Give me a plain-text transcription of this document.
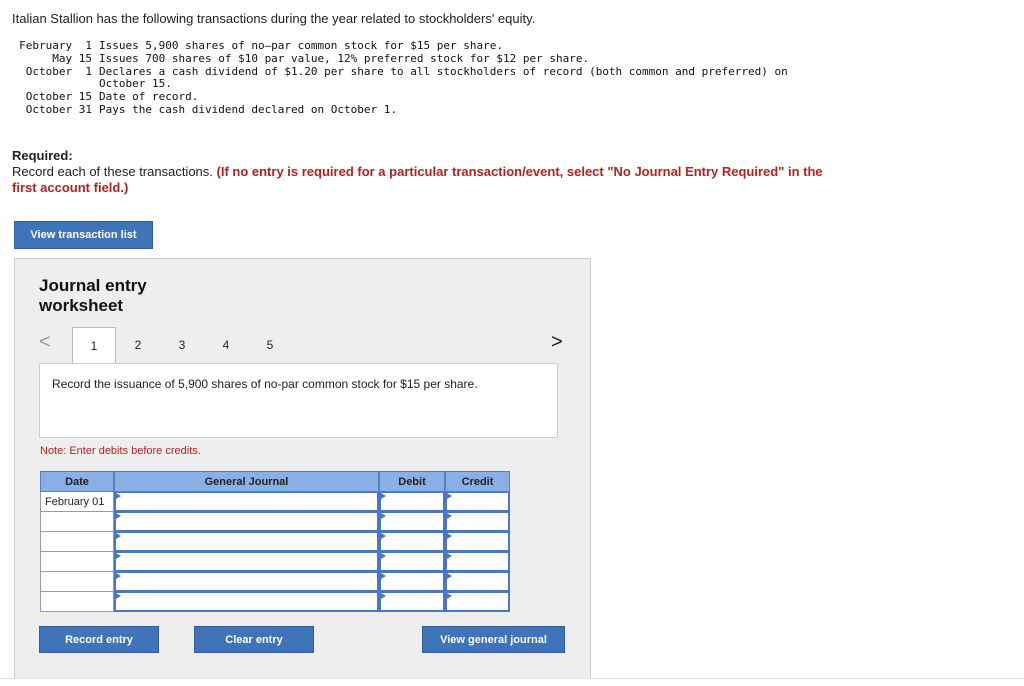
Italian Stallion has the following transactions during the year related to stockholders' equity.
February  1 Issues 5,900 shares of no–par common stock for $15 per share.
May 15 Issues 700 shares of $10 par value, 12% preferred stock for $12 per share.
October  1 Declares a cash dividend of $1.20 per share to all stockholders of record (both common and preferred) on
October 15.
October 15 Date of record.
October 31 Pays the cash dividend declared on October 1.
Required:
Record each of these transactions. (If no entry is required for a particular transaction/event, select "No Journal Entry Required" in the first account field.)
View transaction list
Journal entry worksheet
<	1	2	3	4	5	>
Record the issuance of 5,900 shares of no-par common stock for $15 per share.
Note: Enter debits before credits.
Date	General Journal	Debit	Credit
February 01
Record entry	Clear entry	View general journal
